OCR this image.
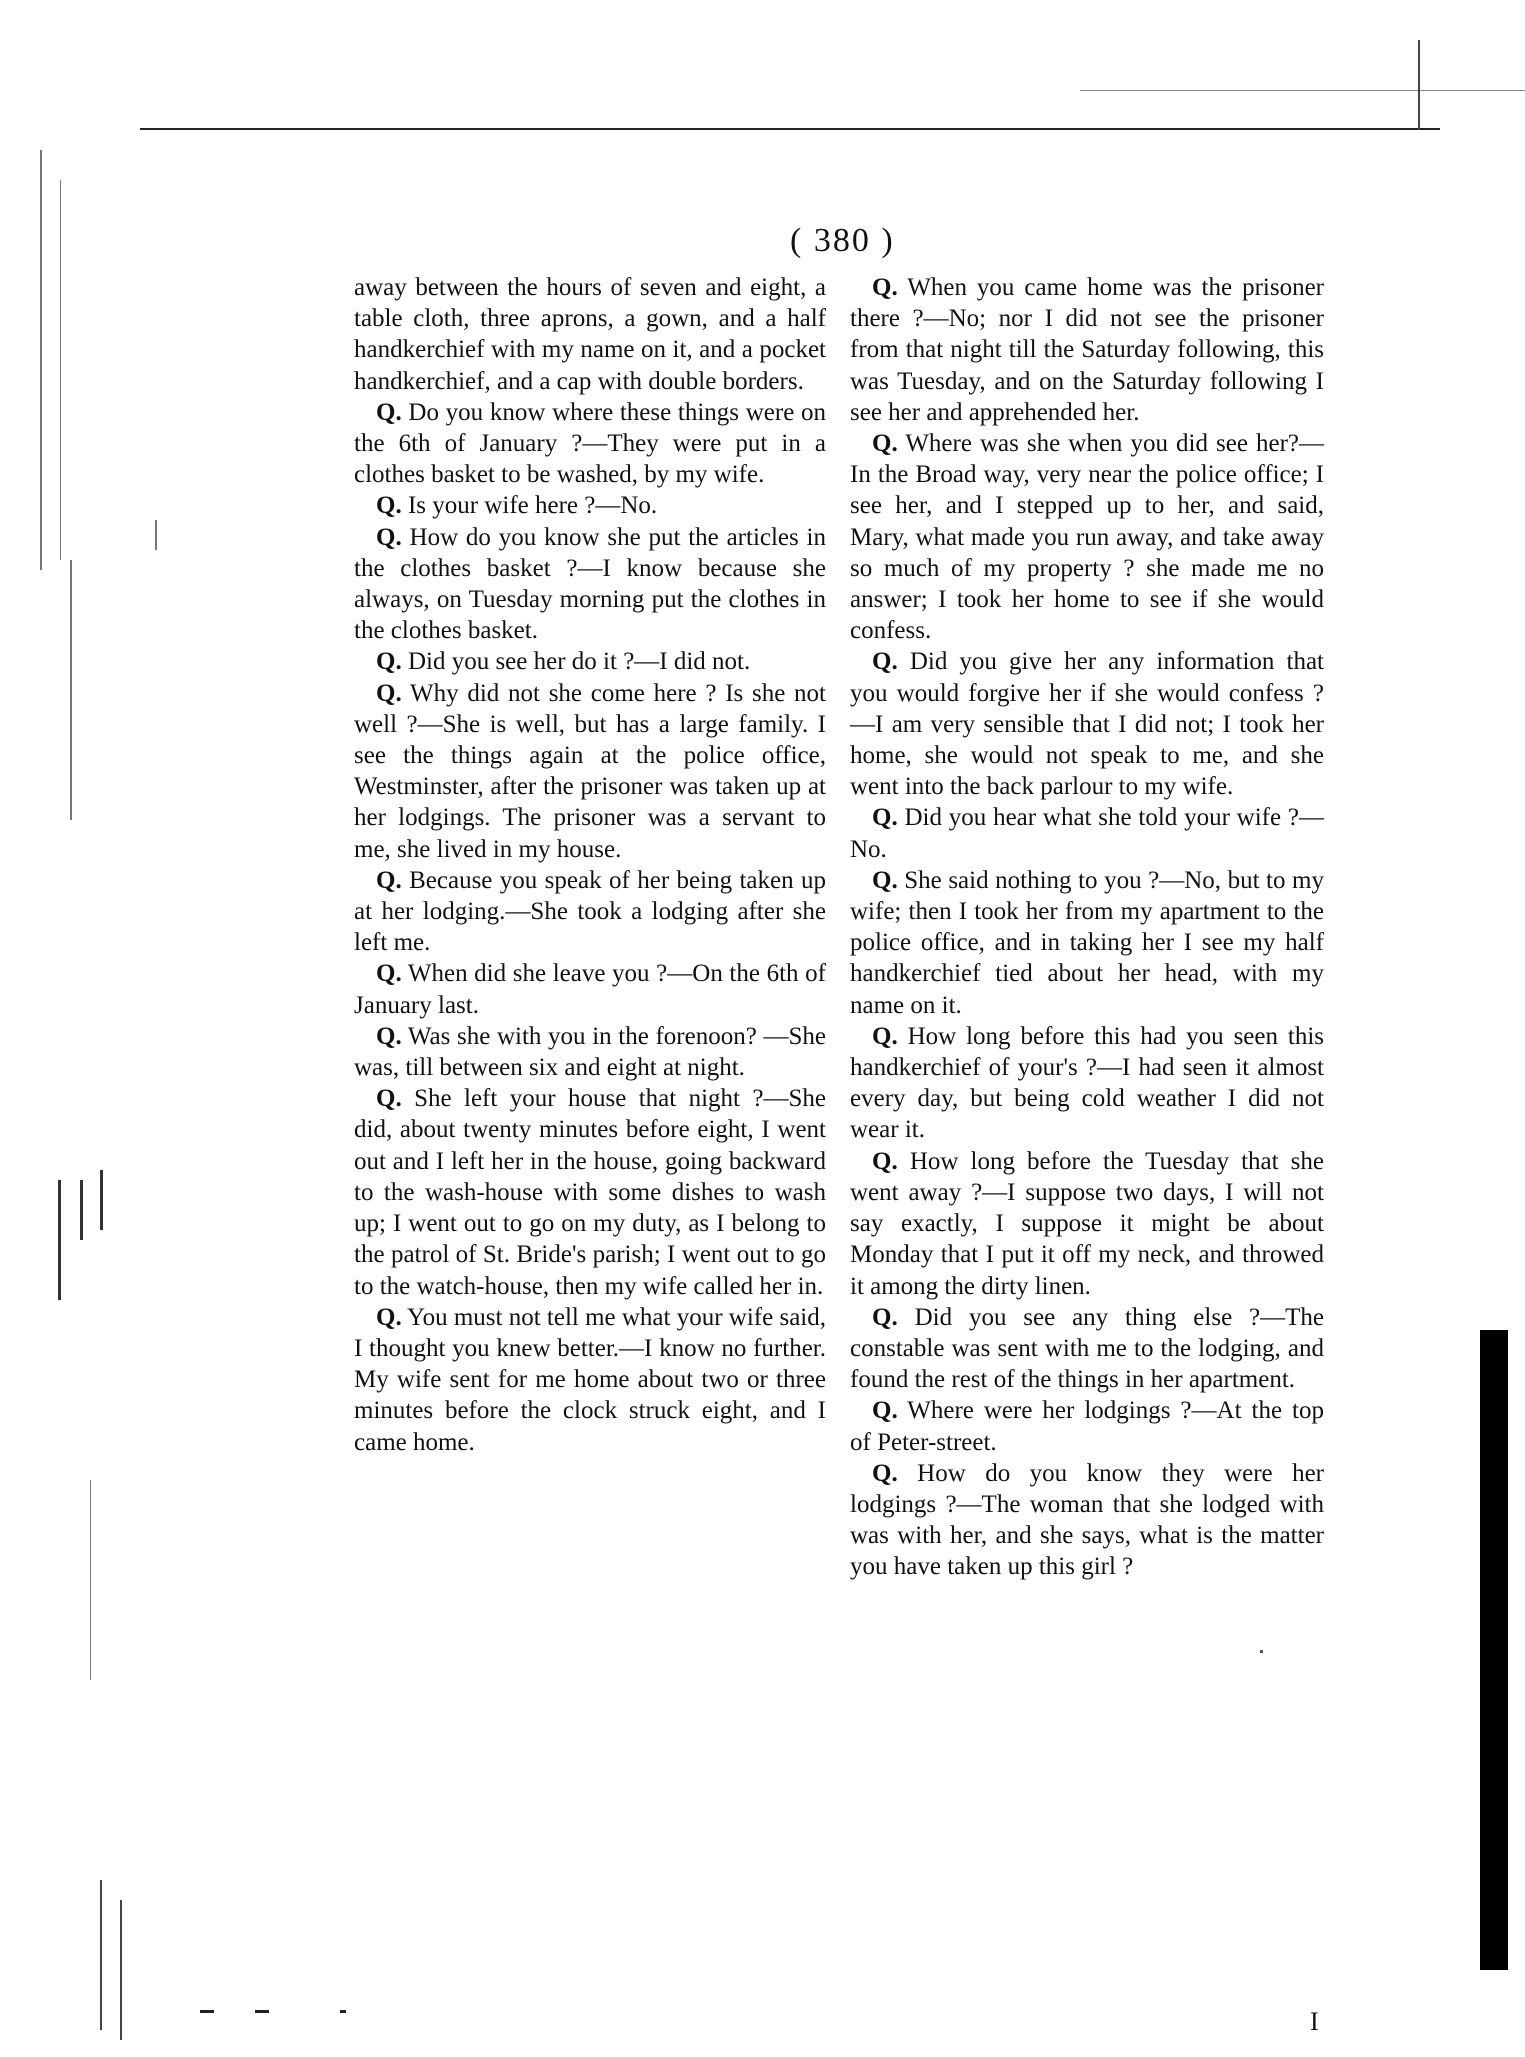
( 380 )

away between the hours of seven and eight, a table cloth, three aprons, a gown, and a half handkerchief with my name on it, and a pocket handkerchief, and a cap with double borders.

Q. Do you know where these things were on the 6th of January ?—They were put in a clothes basket to be washed, by my wife.

Q. Is your wife here ?—No.

Q. How do you know she put the articles in the clothes basket ?—I know because she always, on Tuesday morning put the clothes in the clothes basket.

Q. Did you see her do it ?—I did not.

Q. Why did not she come here ? Is she not well ?—She is well, but has a large family. I see the things again at the police office, Westminster, after the prisoner was taken up at her lodgings. The prisoner was a servant to me, she lived in my house.

Q. Because you speak of her being taken up at her lodging.—She took a lodging after she left me.

Q. When did she leave you ?—On the 6th of January last.

Q. Was she with you in the forenoon? —She was, till between six and eight at night.

Q. She left your house that night ?—She did, about twenty minutes before eight, I went out and I left her in the house, going backward to the wash-house with some dishes to wash up; I went out to go on my duty, as I belong to the patrol of St. Bride's parish; I went out to go to the watch-house, then my wife called her in.

Q. You must not tell me what your wife said, I thought you knew better.—I know no further. My wife sent for me home about two or three minutes before the clock struck eight, and I came home.

Q. When you came home was the prisoner there ?—No; nor I did not see the prisoner from that night till the Saturday following, this was Tuesday, and on the Saturday following I see her and apprehended her.

Q. Where was she when you did see her?—In the Broad way, very near the police office; I see her, and I stepped up to her, and said, Mary, what made you run away, and take away so much of my property ? she made me no answer; I took her home to see if she would confess.

Q. Did you give her any information that you would forgive her if she would confess ?—I am very sensible that I did not; I took her home, she would not speak to me, and she went into the back parlour to my wife.

Q. Did you hear what she told your wife ?—No.

Q. She said nothing to you ?—No, but to my wife; then I took her from my apartment to the police office, and in taking her I see my half handkerchief tied about her head, with my name on it.

Q. How long before this had you seen this handkerchief of your's ?—I had seen it almost every day, but being cold weather I did not wear it.

Q. How long before the Tuesday that she went away ?—I suppose two days, I will not say exactly, I suppose it might be about Monday that I put it off my neck, and throwed it among the dirty linen.

Q. Did you see any thing else ?—The constable was sent with me to the lodging, and found the rest of the things in her apartment.

Q. Where were her lodgings ?—At the top of Peter-street.

Q. How do you know they were her lodgings ?—The woman that she lodged with was with her, and she says, what is the matter you have taken up this girl ?

I
